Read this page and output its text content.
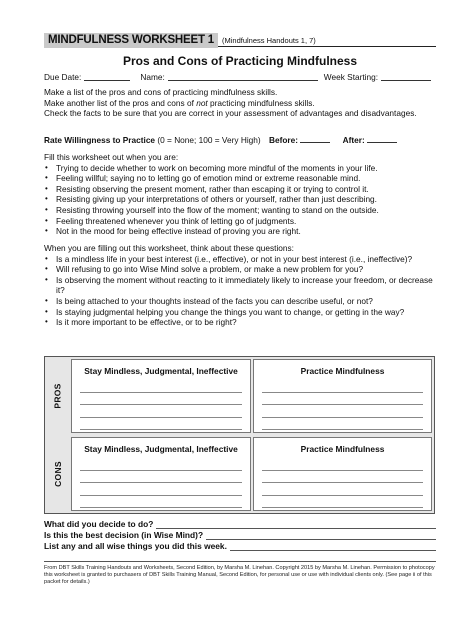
MINDFULNESS WORKSHEET 1 (Mindfulness Handouts 1, 7)
Pros and Cons of Practicing Mindfulness
Due Date:	Name:	Week Starting:

Make a list of the pros and cons of practicing mindfulness skills.

Make another list of the pros and cons of not practicing mindfulness skills.

Check the facts to be sure that you are correct in your assessment of advantages and disadvantages.

Rate Willingness to Practice (0 = None; 100 = Very High) Before:	After:

Fill this worksheet out when you are:

• Trying to decide whether to work on becoming more mindful of the moments in your life.
• Feeling willful; saying no to letting go of emotion mind or extreme reasonable mind.
• Resisting observing the present moment, rather than escaping it or trying to control it.
• Resisting giving up your interpretations of others or yourself, rather than just describing.
• Resisting throwing yourself into the flow of the moment; wanting to stand on the outside.
• Feeling threatened whenever you think of letting go of judgments.
• Not in the mood for being effective instead of proving you are right.

When you are filling out this worksheet, think about these questions:

• Is a mindless life in your best interest (i.e., effective), or not in your best interest (i.e., ineffective)?
• Will refusing to go into Wise Mind solve a problem, or make a new problem for you?
• Is observing the moment without reacting to it immediately likely to increase your freedom, or decrease it?
• Is being attached to your thoughts instead of the facts you can describe useful, or not?
• Is staying judgmental helping you change the things you want to change, or getting in the way?
• Is it more important to be effective, or to be right?
PROS
CONS
Stay Mindless, Judgmental, Ineffective	Practice Mindfulness
Stay Mindless, Judgmental, Ineffective	Practice Mindfulness
What did you decide to do?
Is this the best decision (in Wise Mind)?
List any and all wise things you did this week.
From DBT Skills Training Handouts and Worksheets, Second Edition, by Marsha M. Linehan. Copyright 2015 by Marsha M. Linehan. Permission to photocopy this worksheet is granted to purchasers of DBT Skills Training Manual, Second Edition, for personal use or use with individual clients only. (See page ii of this packet for details.)
